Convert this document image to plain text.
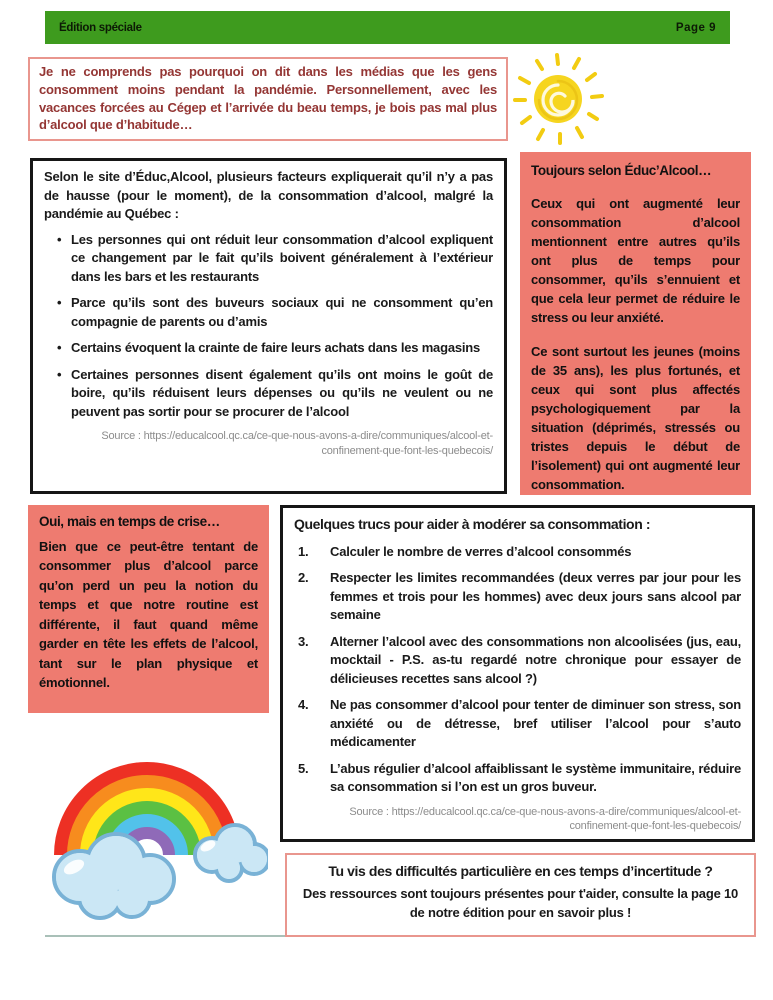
Édition spéciale	Page 9
Je ne comprends pas pourquoi on dit dans les médias que les gens consomment moins pendant la pandémie. Personnellement, avec les vacances forcées au Cégep et l’arrivée du beau temps, je bois pas mal plus d’alcool que d’habitude…

Selon le site d’Éduc,Alcool, plusieurs facteurs expliquerait qu’il n’y a pas de hausse (pour le moment), de la consommation d’alcool, malgré la pandémie au Québec :

• Les personnes qui ont réduit leur consommation d’alcool expliquent ce changement par le fait qu’ils boivent généralement à l’extérieur dans les bars et les restaurants
• Parce qu’ils sont des buveurs sociaux qui ne consomment qu’en compagnie de parents ou d’amis
• Certains évoquent la crainte de faire leurs achats dans les magasins
• Certaines personnes disent également qu’ils ont moins le goût de boire, qu’ils réduisent leurs dépenses ou qu’ils ne veulent ou ne peuvent pas sortir pour se procurer de l’alcool
Source : https://educalcool.qc.ca/ce-que-nous-avons-a-dire/communiques/alcool-et-confinement-que-font-les-quebecois/

Toujours selon Éduc’Alcool…

Ceux qui ont augmenté leur consommation d’alcool mentionnent entre autres qu’ils ont plus de temps pour consommer, qu’ils s’ennuient et que cela leur permet de réduire le stress ou leur anxiété.

Ce sont surtout les jeunes (moins de 35 ans), les plus fortunés, et ceux qui sont plus affectés psychologiquement par la situation (déprimés, stressés ou tristes depuis le début de l’isolement) qui ont augmenté leur consommation.

Oui, mais en temps de crise…

Bien que ce peut-être tentant de consommer plus d’alcool parce qu’on perd un peu la notion du temps et que notre routine est différente, il faut quand même garder en tête les effets de l’alcool, tant sur le plan physique et émotionnel.

Quelques trucs pour aider à modérer sa consommation :

1.	Calculer le nombre de verres d’alcool consommés
2.	Respecter les limites recommandées (deux verres par jour pour les femmes et trois pour les hommes) avec deux jours sans alcool par semaine
3.	Alterner l’alcool avec des consommations non alcoolisées (jus, eau, mocktail - P.S. as-tu regardé notre chronique pour essayer de délicieuses recettes sans alcool ?)
4.	Ne pas consommer d’alcool pour tenter de diminuer son stress, son anxiété ou de détresse, bref utiliser l’alcool pour s’auto médicamenter
5.	L’abus régulier d’alcool affaiblissant le système immunitaire, réduire sa consommation si l’on est un gros buveur.
Source : https://educalcool.qc.ca/ce-que-nous-avons-a-dire/communiques/alcool-et-confinement-que-font-les-quebecois/
Tu vis des difficultés particulière en ces temps d’incertitude ?
Des ressources sont toujours présentes pour t'aider, consulte la page 10 de notre édition pour en savoir plus !
